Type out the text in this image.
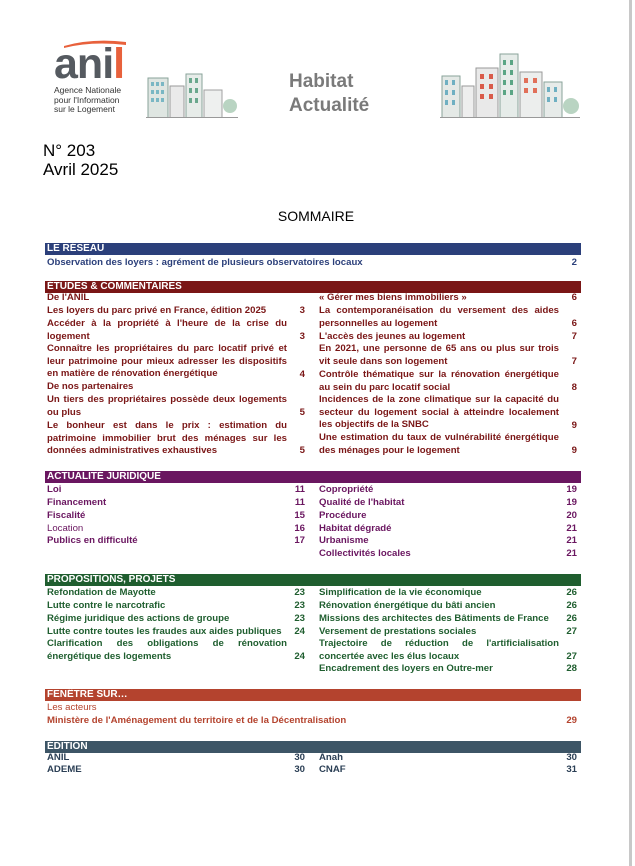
anil
Agence Nationale
pour l'Information
sur le Logement
Habitat
Actualité
N° 203
Avril 2025
SOMMAIRE
LE RÉSEAU
Observation des loyers : agrément de plusieurs observatoires locaux	2
ÉTUDES & COMMENTAIRES
De l'ANIL
Les loyers du parc privé en France, édition 2025	3
Accéder à la propriété à l'heure de la crise du logement	3
Connaître les propriétaires du parc locatif privé et leur patrimoine pour mieux adresser les dispositifs en matière de rénovation énergétique	4
De nos partenaires
Un tiers des propriétaires possède deux logements ou plus	5
Le bonheur est dans le prix : estimation du patrimoine immobilier brut des ménages sur les données administratives exhaustives	5
« Gérer mes biens immobiliers »	6
La contemporanéisation du versement des aides personnelles au logement	6
L'accès des jeunes au logement	7
En 2021, une personne de 65 ans ou plus sur trois vit seule dans son logement	7
Contrôle thématique sur la rénovation énergétique au sein du parc locatif social	8
Incidences de la zone climatique sur la capacité du secteur du logement social à atteindre localement les objectifs de la SNBC	9
Une estimation du taux de vulnérabilité énergétique des ménages pour le logement	9
ACTUALITÉ JURIDIQUE
Loi	11
Financement	11
Fiscalité	15
Location	16
Publics en difficulté	17
Copropriété	19
Qualité de l'habitat	19
Procédure	20
Habitat dégradé	21
Urbanisme	21
Collectivités locales	21
PROPOSITIONS, PROJETS
Refondation de Mayotte	23
Lutte contre le narcotrafic	23
Régime juridique des actions de groupe	23
Lutte contre toutes les fraudes aux aides publiques	24
Clarification des obligations de rénovation énergétique des logements	24
Simplification de la vie économique	26
Rénovation énergétique du bâti ancien	26
Missions des architectes des Bâtiments de France	26
Versement de prestations sociales	27
Trajectoire de réduction de l'artificialisation concertée avec les élus locaux	27
Encadrement des loyers en Outre-mer	28
FENÊTRE SUR…
Les acteurs
Ministère de l'Aménagement du territoire et de la Décentralisation	29
ÉDITION
ANIL	30
ADEME	30
Anah	30
CNAF	31
